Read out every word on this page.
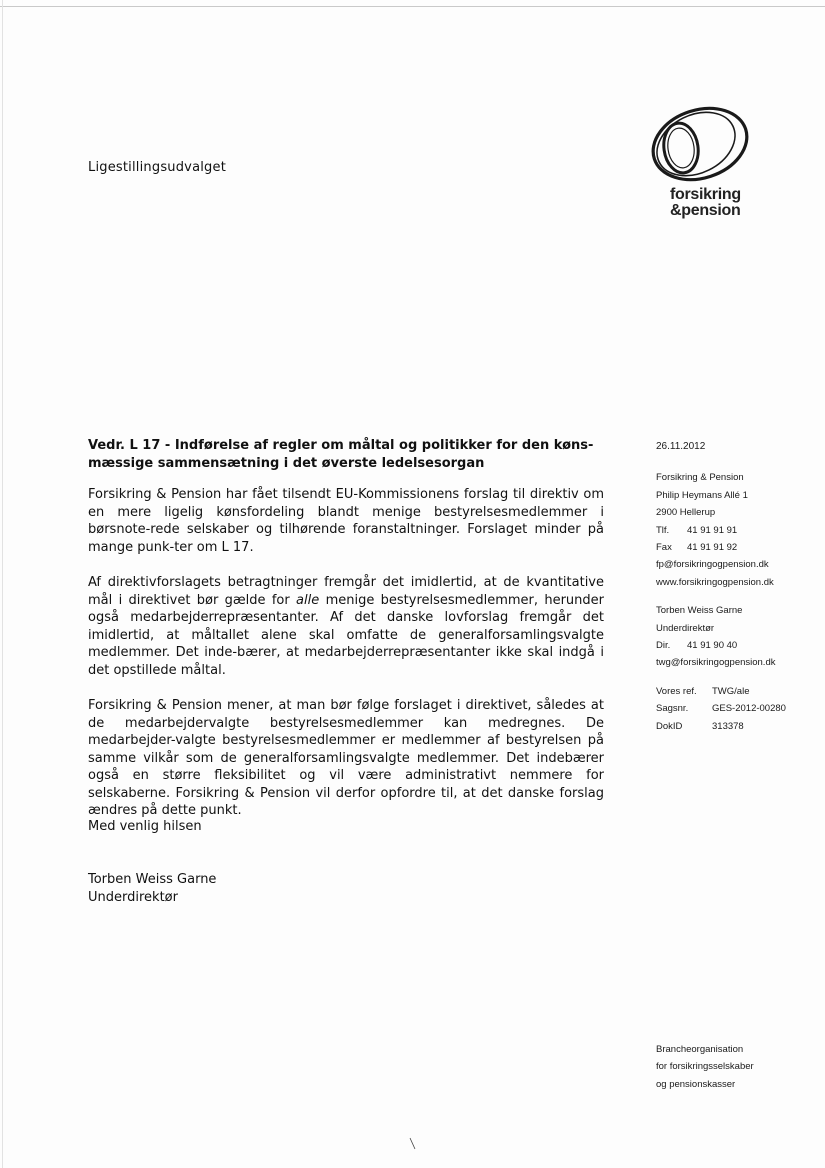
Ligestillingsudvalget
forsikring
&pension
Vedr. L 17 - Indførelse af regler om måltal og politikker for den køns-mæssige sammensætning i det øverste ledelsesorgan

Forsikring & Pension har fået tilsendt EU-Kommissionens forslag til direktiv om en mere ligelig kønsfordeling blandt menige bestyrelsesmedlemmer i børsnote-rede selskaber og tilhørende foranstaltninger. Forslaget minder på mange punk-ter om L 17.

Af direktivforslagets betragtninger fremgår det imidlertid, at de kvantitative mål i direktivet bør gælde for alle menige bestyrelsesmedlemmer, herunder også medarbejderrepræsentanter. Af det danske lovforslag fremgår det imidlertid, at måltallet alene skal omfatte de generalforsamlingsvalgte medlemmer. Det inde-bærer, at medarbejderrepræsentanter ikke skal indgå i det opstillede måltal.

Forsikring & Pension mener, at man bør følge forslaget i direktivet, således at de medarbejdervalgte bestyrelsesmedlemmer kan medregnes. De medarbejder-valgte bestyrelsesmedlemmer er medlemmer af bestyrelsen på samme vilkår som de generalforsamlingsvalgte medlemmer. Det indebærer også en større fleksibilitet og vil være administrativt nemmere for selskaberne. Forsikring & Pension vil derfor opfordre til, at det danske forslag ændres på dette punkt.

Med venlig hilsen
Torben Weiss Garne
Underdirektør
26.11.2012
Forsikring & Pension
Philip Heymans Allé 1
2900 Hellerup
Tlf.	41 91 91 91
Fax	41 91 91 92
fp@forsikringogpension.dk
www.forsikringogpension.dk
Torben Weiss Garne
Underdirektør
Dir.	41 91 90 40
twg@forsikringogpension.dk
Vores ref.	TWG/ale
Sagsnr.	GES-2012-00280
DokID	313378
Brancheorganisation
for forsikringsselskaber
og pensionskasser
